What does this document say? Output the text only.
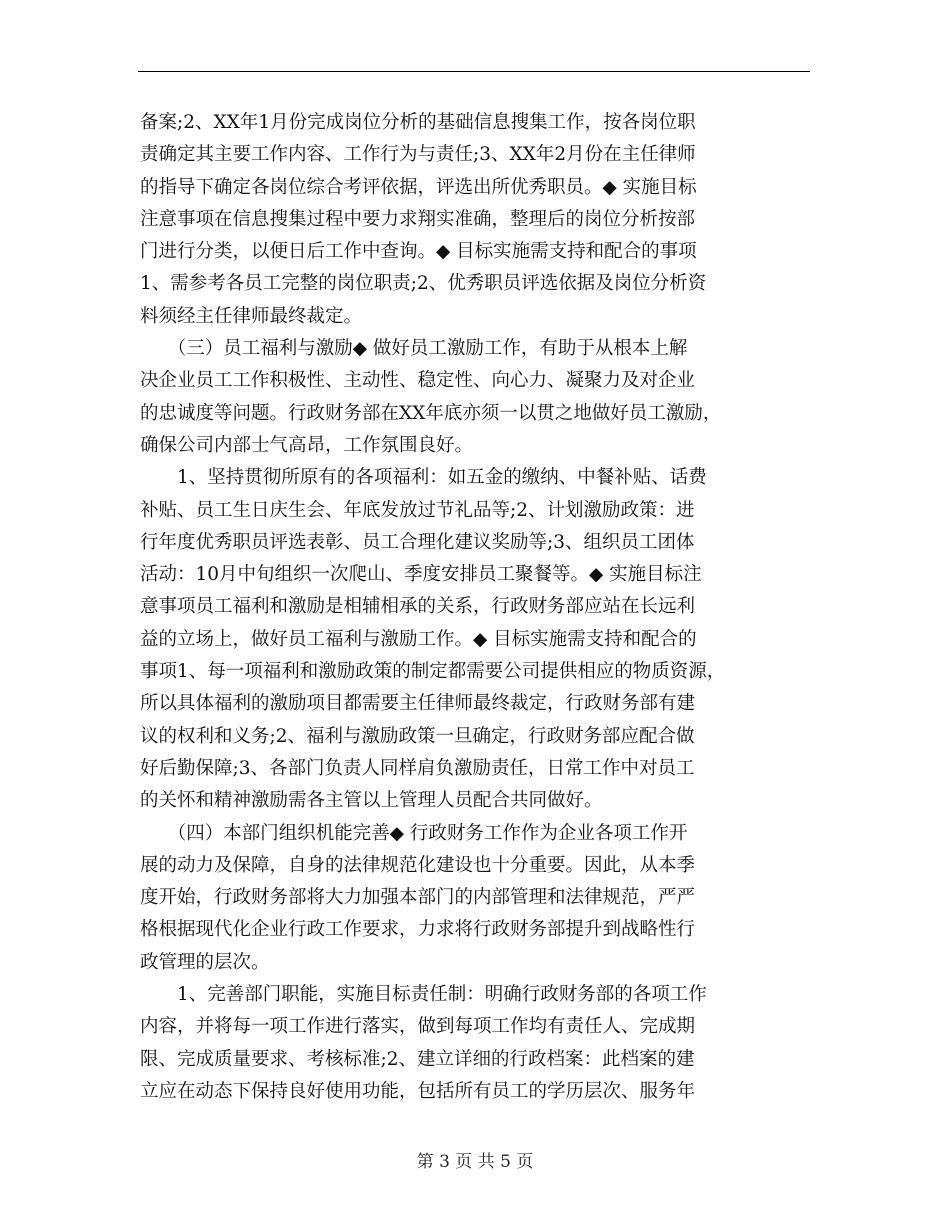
备案;2、XX年1月份完成岗位分析的基础信息搜集工作，按各岗位职
责确定其主要工作内容、工作行为与责任;3、XX年2月份在主任律师
的指导下确定各岗位综合考评依据，评选出所优秀职员。◆ 实施目标
注意事项在信息搜集过程中要力求翔实准确，整理后的岗位分析按部
门进行分类，以便日后工作中查询。◆ 目标实施需支持和配合的事项
1、需参考各员工完整的岗位职责;2、优秀职员评选依据及岗位分析资
料须经主任律师最终裁定。
　　（三）员工福利与激励◆ 做好员工激励工作，有助于从根本上解
决企业员工工作积极性、主动性、稳定性、向心力、凝聚力及对企业
的忠诚度等问题。行政财务部在XX年底亦须一以贯之地做好员工激励，
确保公司内部士气高昂，工作氛围良好。
　　1、坚持贯彻所原有的各项福利：如五金的缴纳、中餐补贴、话费
补贴、员工生日庆生会、年底发放过节礼品等;2、计划激励政策：进
行年度优秀职员评选表彰、员工合理化建议奖励等;3、组织员工团体
活动：10月中旬组织一次爬山、季度安排员工聚餐等。◆ 实施目标注
意事项员工福利和激励是相辅相承的关系，行政财务部应站在长远利
益的立场上，做好员工福利与激励工作。◆ 目标实施需支持和配合的
事项1、每一项福利和激励政策的制定都需要公司提供相应的物质资源，
所以具体福利的激励项目都需要主任律师最终裁定，行政财务部有建
议的权利和义务;2、福利与激励政策一旦确定，行政财务部应配合做
好后勤保障;3、各部门负责人同样肩负激励责任，日常工作中对员工
的关怀和精神激励需各主管以上管理人员配合共同做好。
　　（四）本部门组织机能完善◆ 行政财务工作作为企业各项工作开
展的动力及保障，自身的法律规范化建设也十分重要。因此，从本季
度开始，行政财务部将大力加强本部门的内部管理和法律规范，严严
格根据现代化企业行政工作要求，力求将行政财务部提升到战略性行
政管理的层次。
　　1、完善部门职能，实施目标责任制：明确行政财务部的各项工作
内容，并将每一项工作进行落实，做到每项工作均有责任人、完成期
限、完成质量要求、考核标准;2、建立详细的行政档案：此档案的建
立应在动态下保持良好使用功能，包括所有员工的学历层次、服务年
第 3 页 共 5 页
